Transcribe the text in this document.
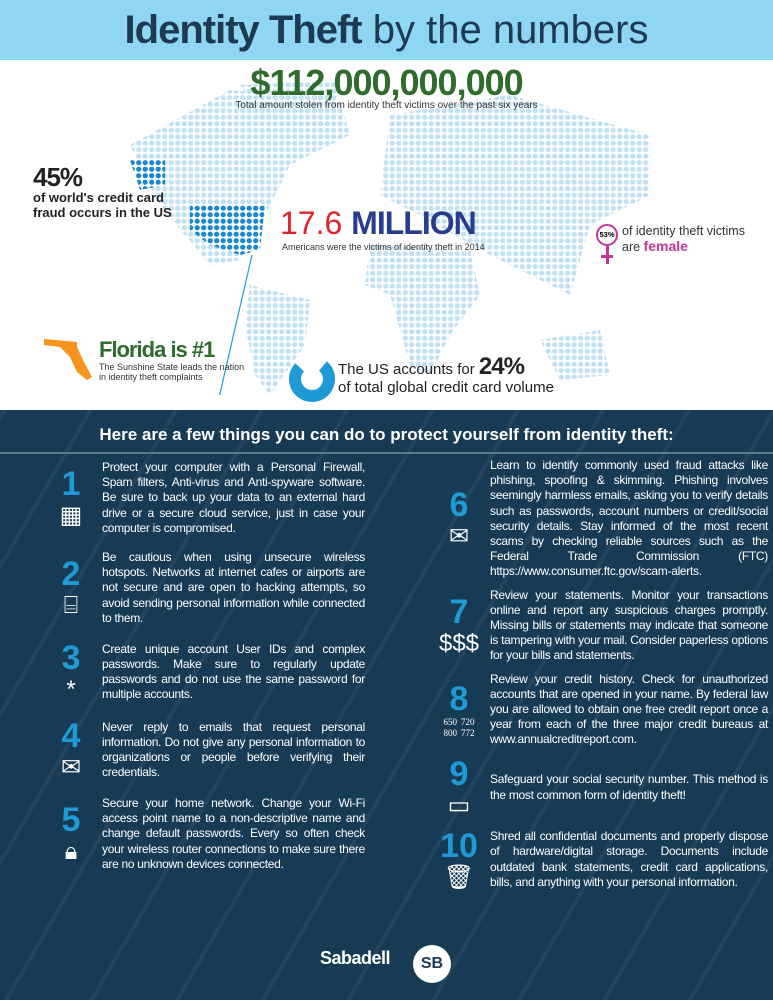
Identity Theft by the numbers
$112,000,000,000
Total amount stolen from identity theft victims over the past six years
45%
of world's credit card
fraud occurs in the US	17.6 MILLION
Americans were the victims of identity theft in 2014
53% of identity theft victims
are female
Florida is #1
The Sunshine State leads the nation
in identity theft complaints	The US accounts for 24%
of total global credit card volume
Here are a few things you can do to protect yourself from identity theft:
1
▦
Protect your computer with a Personal Firewall, Spam filters, Anti-virus and Anti-spyware software. Be sure to back up your data to an external hard drive or a secure cloud service, just in case your computer is compromised.
2
⌸
Be cautious when using unsecure wireless hotspots. Networks at internet cafes or airports are not secure and are open to hacking attempts, so avoid sending personal information while connected to them.
3
*
Create unique account User IDs and complex passwords. Make sure to regularly update passwords and do not use the same password for multiple accounts.
4
✉
Never reply to emails that request personal information. Do not give any personal information to organizations or people before verifying their credentials.
5
🔒︎
Secure your home network. Change your Wi-Fi access point name to a non-descriptive name and change default passwords. Every so often check your wireless router connections to make sure there are no unknown devices connected.
6
✉
Learn to identify commonly used fraud attacks like phishing, spoofing & skimming. Phishing involves seemingly harmless emails, asking you to verify details such as passwords, account numbers or credit/social security details. Stay informed of the most recent scams by checking reliable sources such as the Federal Trade Commission (FTC) https://www.consumer.ftc.gov/scam-alerts.
7
$$$
Review your statements. Monitor your transactions online and report any suspicious charges promptly. Missing bills or statements may indicate that someone is tampering with your mail. Consider paperless options for your bills and statements.
8
650 720
800 772
Review your credit history. Check for unauthorized accounts that are opened in your name. By federal law you are allowed to obtain one free credit report once a year from each of the three major credit bureaus at www.annualcreditreport.com.
9
▭
Safeguard your social security number. This method is the most common form of identity theft!
10
🗑︎
Shred all confidential documents and properly dispose of hardware/digital storage. Documents include outdated bank statements, credit card applications, bills, and anything with your personal information.
Sabadell	SB
